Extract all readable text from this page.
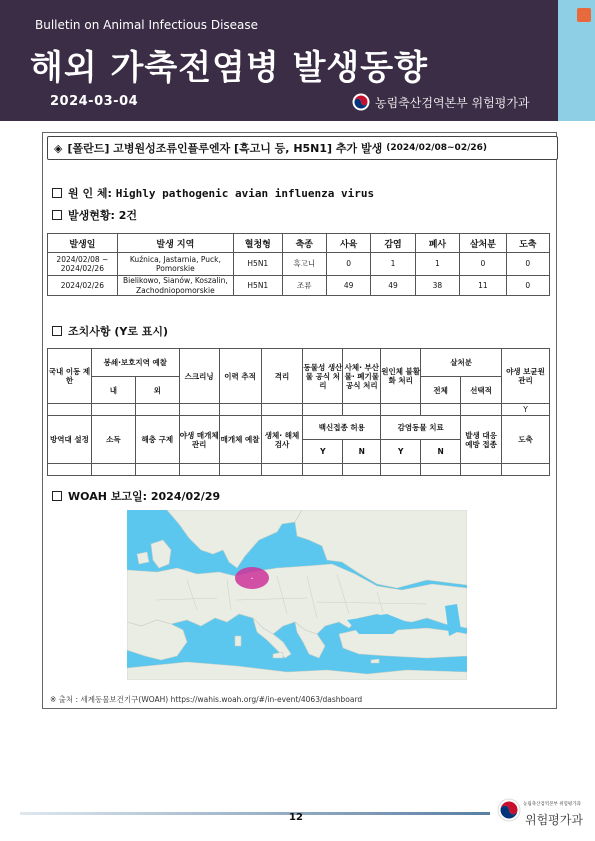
Bulletin on Animal Infectious Disease
해외 가축전염병 발생동향
2024-03-04	농림축산검역본부 위험평가과
◈ [폴란드] 고병원성조류인플루엔자 [흑고니 등, H5N1] 추가 발생 (2024/02/08~02/26)
원 인 체: Highly pathogenic avian influenza virus
발생현황: 2건
발생일	발생 지역	혈청형	축종	사육	감염	폐사	살처분	도축
2024/02/08 ~ 2024/02/26	Kuźnica, Jastarnia, Puck, Pomorskie	H5N1	흑고니	0	1	1	0	0
2024/02/26	Bielikowo, Sianów, Koszalin, Zachodniopomorskie	H5N1	조류	49	49	38	11	0
조치사항 (Y로 표시)
국내 이동 제한	봉쇄·보호지역 예찰		스크리닝	이력 추적	격리	동물성 생산물 공식 처리	사체· 부산물· 폐기물 공식 처리	원인체 불활화 처리	살처분		야생 보균원 관리
	내	외							전체	선택적	
											Y
방역대 설정	소독	해충 구제	야생 매개체 관리	매개체 예찰	생체· 해체 검사	백신접종 허용		감염동물 치료		발생 대응 예방 접종	도축
						Y	N	Y	N		

WOAH 보고일: 2024/02/29
•
※ 출처 : 세계동물보건기구(WOAH) https://wahis.woah.org/#/in-event/4063/dashboard
12
농림축산검역본부 위험평가과
위험평가과
